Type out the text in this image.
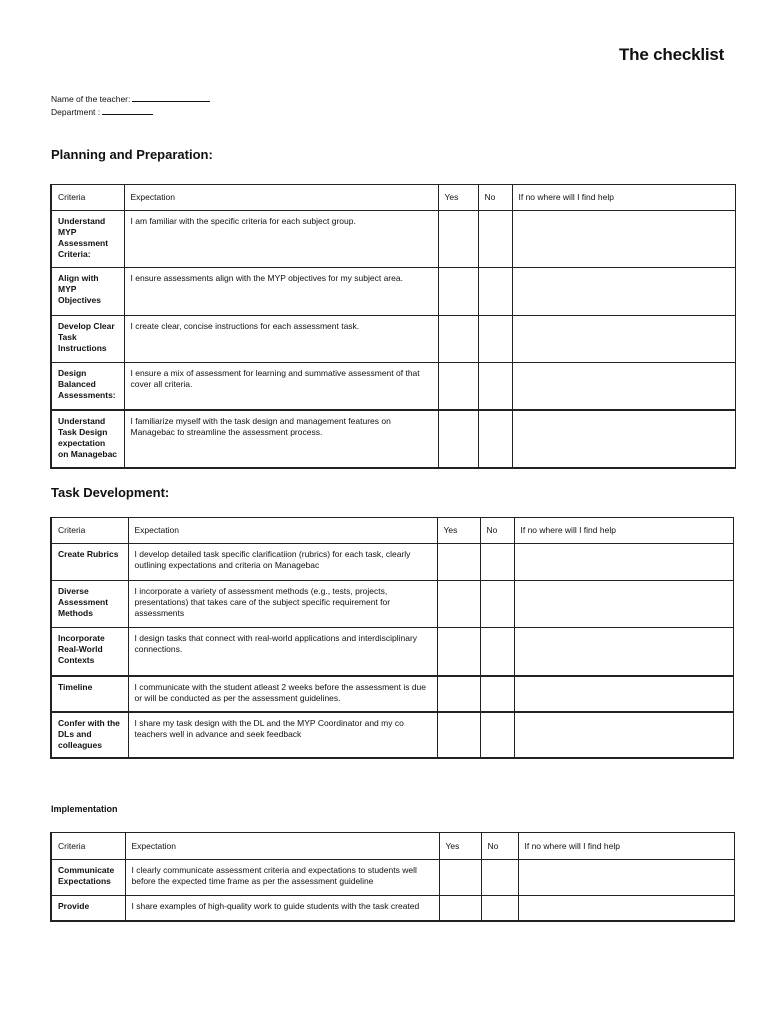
The checklist
Name of the teacher:
Department :
Planning and Preparation:
Criteria	Expectation	Yes	No	If no where will I find help
Understand MYP Assessment Criteria:	I am familiar with the specific criteria for each subject group.			
Align with MYP Objectives	I ensure assessments align with the MYP objectives for my subject area.			
Develop Clear Task Instructions	I create clear, concise instructions for each assessment task.			
Design Balanced Assessments:	I ensure a mix of assessment for learning and summative assessment of that cover all criteria.			
Understand Task Design expectation on Managebac	I familiarize myself with the task design and management features on Managebac to streamline the assessment process.			
Task Development:
Criteria	Expectation	Yes	No	If no where will I find help
Create Rubrics	I develop detailed task specific clarificatiion (rubrics) for each task, clearly outlining expectations and criteria on Managebac			
Diverse Assessment Methods	I incorporate a variety of assessment methods (e.g., tests, projects, presentations) that takes care of the subject specific requirement for assessments			
Incorporate Real-World Contexts	I design tasks that connect with real-world applications and interdisciplinary connections.			
Timeline	I communicate with the student atleast 2 weeks before the assessment is due or will be conducted as per the assessment guidelines.			
Confer with the DLs and colleagues	I share my task design with the DL and the MYP Coordinator and my co teachers well in advance and seek feedback			
Implementation
Criteria	Expectation	Yes	No	If no where will I find help
Communicate Expectations	I clearly communicate assessment criteria and expectations to students well before the expected time frame as per the assessment guideline			
Provide	I share examples of high-quality work to guide students with the task created			
